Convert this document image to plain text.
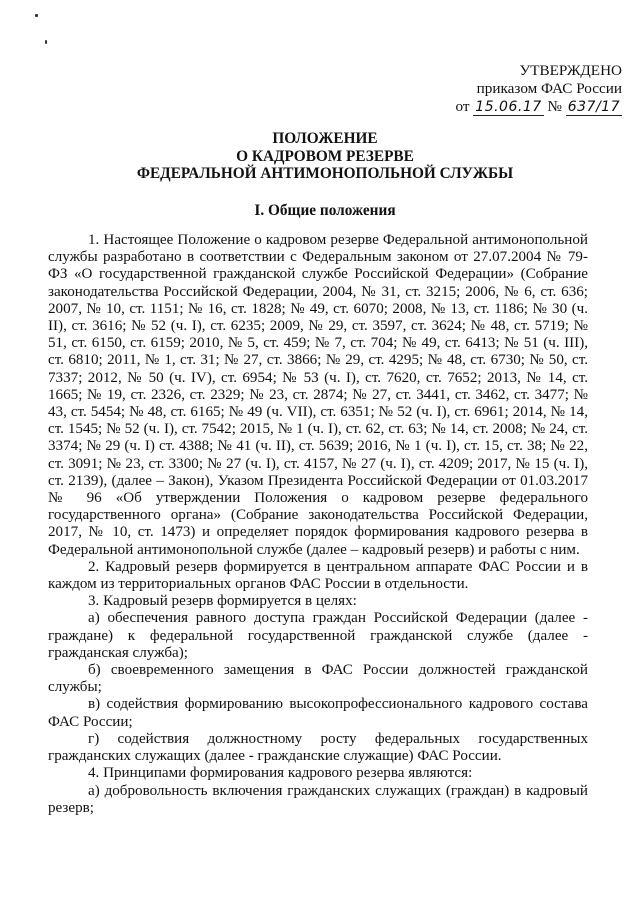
УТВЕРЖДЕНО
приказом ФАС России
от 15.06.17 № 637/17
ПОЛОЖЕНИЕ
О КАДРОВОМ РЕЗЕРВЕ
ФЕДЕРАЛЬНОЙ АНТИМОНОПОЛЬНОЙ СЛУЖБЫ
I. Общие положения

1. Настоящее Положение о кадровом резерве Федеральной антимонопольной службы разработано в соответствии с Федеральным законом от 27.07.2004 № 79-ФЗ «О государственной гражданской службе Российской Федерации» (Собрание законодательства Российской Федерации, 2004, № 31, ст. 3215; 2006, № 6, ст. 636; 2007, № 10, ст. 1151; № 16, ст. 1828; № 49, ст. 6070; 2008, № 13, ст. 1186; № 30 (ч. II), ст. 3616; № 52 (ч. I), ст. 6235; 2009, № 29, ст. 3597, ст. 3624; № 48, ст. 5719; № 51, ст. 6150, ст. 6159; 2010, № 5, ст. 459; № 7, ст. 704; № 49, ст. 6413; № 51 (ч. III), ст. 6810; 2011, № 1, ст. 31; № 27, ст. 3866; № 29, ст. 4295; № 48, ст. 6730; № 50, ст. 7337; 2012, № 50 (ч. IV), ст. 6954; № 53 (ч. I), ст. 7620, ст. 7652; 2013, № 14, ст. 1665; № 19, ст. 2326, ст. 2329; № 23, ст. 2874; № 27, ст. 3441, ст. 3462, ст. 3477; № 43, ст. 5454; № 48, ст. 6165; № 49 (ч. VII), ст. 6351; № 52 (ч. I), ст. 6961; 2014, № 14, ст. 1545; № 52 (ч. I), ст. 7542; 2015, № 1 (ч. I), ст. 62, ст. 63; № 14, ст. 2008; № 24, ст. 3374; № 29 (ч. I) ст. 4388; № 41 (ч. II), ст. 5639; 2016, № 1 (ч. I), ст. 15, ст. 38; № 22, ст. 3091; № 23, ст. 3300; № 27 (ч. I), ст. 4157, № 27 (ч. I), ст. 4209; 2017, № 15 (ч. I), ст. 2139), (далее – Закон), Указом Президента Российской Федерации от 01.03.2017 № 96 «Об утверждении Положения о кадровом резерве федерального государственного органа» (Собрание законодательства Российской Федерации, 2017, № 10, ст. 1473) и определяет порядок формирования кадрового резерва в Федеральной антимонопольной службе (далее – кадровый резерв) и работы с ним.

2. Кадровый резерв формируется в центральном аппарате ФАС России и в каждом из территориальных органов ФАС России в отдельности.

3. Кадровый резерв формируется в целях:

а) обеспечения равного доступа граждан Российской Федерации (далее - граждане) к федеральной государственной гражданской службе (далее - гражданская служба);

б) своевременного замещения в ФАС России должностей гражданской службы;

в) содействия формированию высокопрофессионального кадрового состава ФАС России;

г) содействия должностному росту федеральных государственных гражданских служащих (далее - гражданские служащие) ФАС России.

4. Принципами формирования кадрового резерва являются:

а) добровольность включения гражданских служащих (граждан) в кадровый резерв;
